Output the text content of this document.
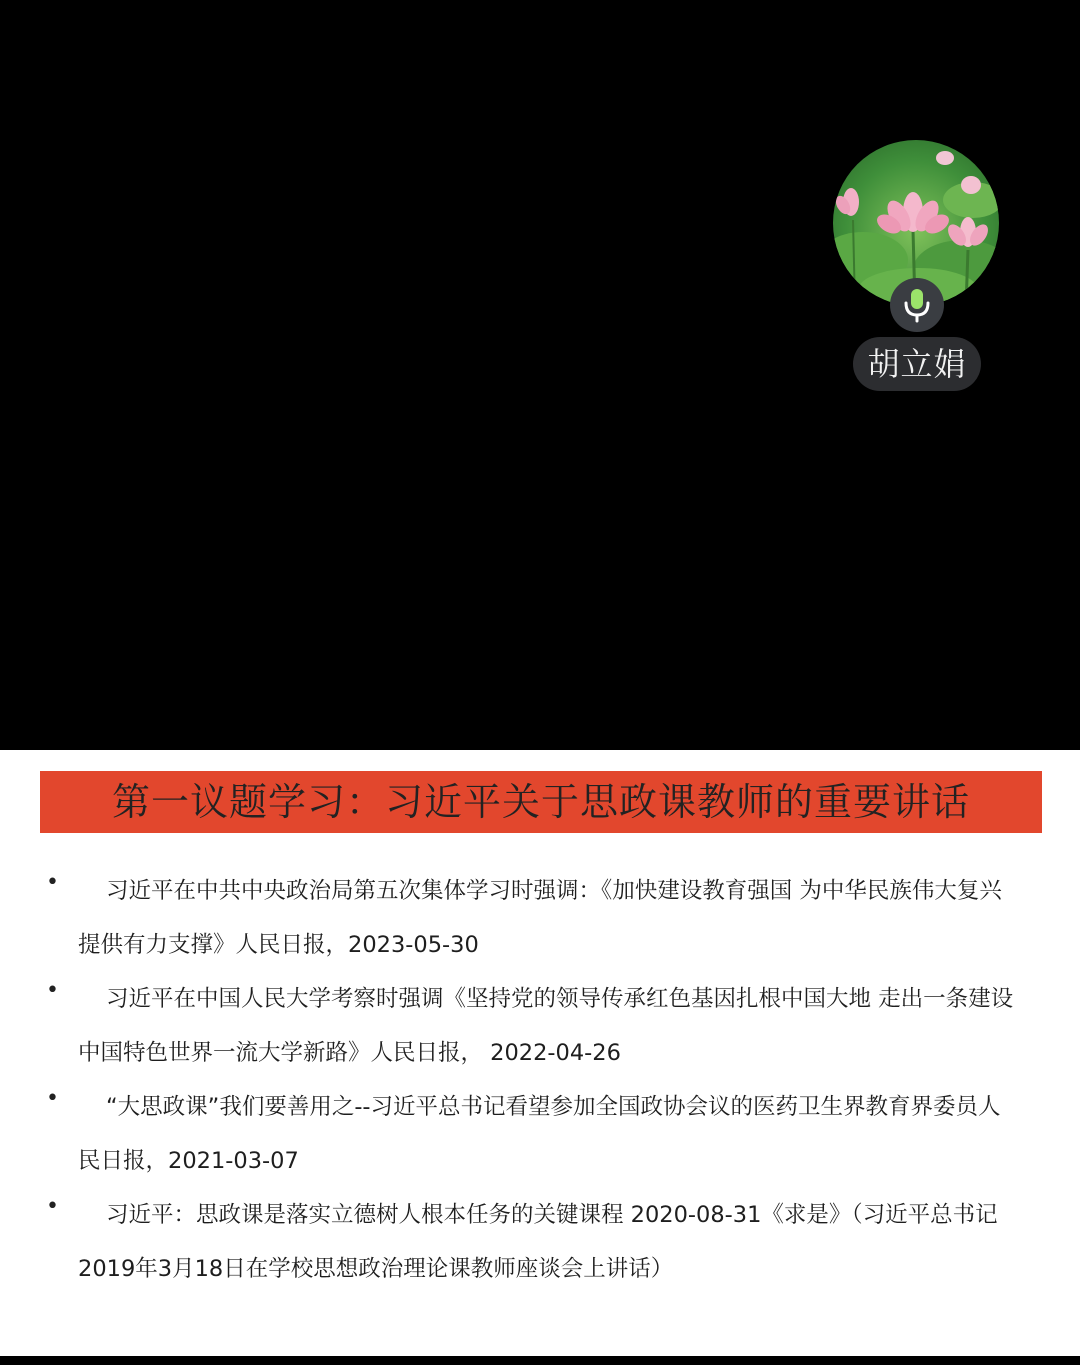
胡立娟
第一议题学习：习近平关于思政课教师的重要讲话
•	习近平在中共中央政治局第五次集体学习时强调：《加快建设教育强国 为中华民族伟大复兴提供有力支撑》人民日报，2023-05-30
•	习近平在中国人民大学考察时强调《坚持党的领导传承红色基因扎根中国大地 走出一条建设中国特色世界一流大学新路》人民日报， 2022-04-26
•	“大思政课”我们要善用之--习近平总书记看望参加全国政协会议的医药卫生界教育界委员人民日报，2021-03-07
•	习近平：思政课是落实立德树人根本任务的关键课程 2020-08-31《求是》（习近平总书记2019年3月18日在学校思想政治理论课教师座谈会上讲话）
